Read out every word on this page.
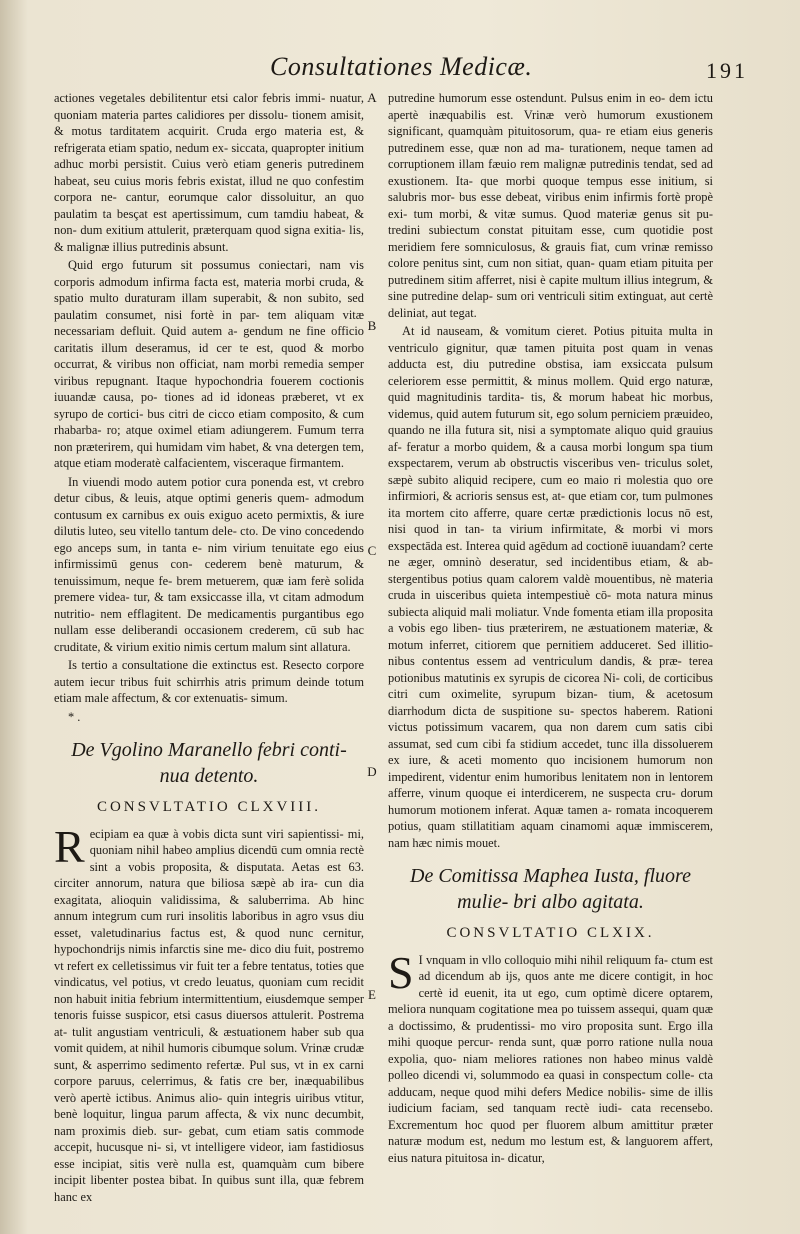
Consultationes Medicæ.	191
A
B
C
D
E

actiones vegetales debilitentur etsi calor febris immi- nuatur, quoniam materia partes calidiores per dissolu- tionem amisit, & motus tarditatem acquirit. Cruda ergo materia est, & refrigerata etiam spatio, nedum ex- siccata, quapropter initium adhuc morbi persistit. Cuius verò etiam generis putredinem habeat, seu cuius moris febris existat, illud ne quo confestim corpora ne- cantur, eorumque calor dissoluitur, an quo paulatim ta besçat est apertissimum, cum tamdiu habeat, & non- dum exitium attulerit, præterquam quod signa exitia- lis, & malignæ illius putredinis absunt.

Quid ergo futurum sit possumus coniectari, nam vis corporis admodum infirma facta est, materia morbi cruda, & spatio multo duraturam illam superabit, & non subito, sed paulatim consumet, nisi fortè in par- tem aliquam vitæ necessariam defluit. Quid autem a- gendum ne fine officio caritatis illum deseramus, id cer te est, quod & morbo occurrat, & viribus non officiat, nam morbi remedia semper viribus repugnant. Itaque hypochondria fouerem coctionis iuuandæ causa, po- tiones ad id idoneas præberet, vt ex syrupo de cortici- bus citri de cicco etiam composito, & cum rhabarba- ro; atque oximel etiam adiungerem. Fumum terra non præterirem, qui humidam vim habet, & vna detergen tem, atque etiam moderatè calfacientem, visceraque firmantem.

In viuendi modo autem potior cura ponenda est, vt crebro detur cibus, & leuis, atque optimi generis quem- admodum contusum ex carnibus ex ouis exiguo aceto permixtis, & iure dilutis luteo, seu vitello tantum dele- cto. De vino concedendo ego anceps sum, in tanta e- nim virium tenuitate ego eius infirmissimū genus con- cederem benè maturum, & tenuissimum, neque fe- brem metuerem, quæ iam ferè solida premere videa- tur, & tam exsiccasse illa, vt citam admodum nutritio- nem efflagitent. De medicamentis purgantibus ego nullam esse deliberandi occasionem crederem, cū sub hac cruditate, & virium exitio nimis certum malum sint allatura.

Is tertio a consultatione die extinctus est. Resecto corpore autem iecur tribus fuit schirrhis atris primum deinde totum etiam male affectum, & cor extenuatis- simum.

* .

De Vgolino Maranello febri conti- nua detento.
CONSVLTATIO CLXVIII.

Recipiam ea quæ à vobis dicta sunt viri sapientissi- mi, quoniam nihil habeo amplius dicendū cum omnia rectè sint a vobis proposita, & disputata. Aetas est 63. circiter annorum, natura que biliosa sæpè ab ira- cun dia exagitata, alioquin validissima, & saluberrima. Ab hinc annum integrum cum ruri insolitis laboribus in agro vsus diu esset, valetudinarius factus est, & quod nunc cernitur, hypochondrijs nimis infarctis sine me- dico diu fuit, postremo vt refert ex celletissimus vir fuit ter a febre tentatus, toties que vindicatus, vel potius, vt credo leuatus, quoniam cum recidit non habuit initia febrium intermittentium, eiusdemque semper tenoris fuisse suspicor, etsi casus diuersos attulerit. Postrema at- tulit angustiam ventriculi, & æstuationem haber sub qua vomit quidem, at nihil humoris cibumque solum. Vrinæ crudæ sunt, & asperrimo sedimento refertæ. Pul sus, vt in ex carni corpore paruus, celerrimus, & fatis cre ber, inæquabilibus verò apertè ictibus. Animus alio- quin integris uiribus vtitur, benè loquitur, lingua parum affecta, & vix nunc decumbit, nam proximis dieb. sur- gebat, cum etiam satis commode accepit, hucusque ni- si, vt intelligere videor, iam fastidiosus esse incipiat, sitis verè nulla est, quamquàm cum bibere incipit libenter postea bibat. In quibus sunt illa, quæ febrem hanc ex

putredine humorum esse ostendunt. Pulsus enim in eo- dem ictu apertè inæquabilis est. Vrinæ verò humorum exustionem significant, quamquàm pituitosorum, qua- re etiam eius generis putredinem esse, quæ non ad ma- turationem, neque tamen ad corruptionem illam fæuio rem malignæ putredinis tendat, sed ad exustionem. Ita- que morbi quoque tempus esse initium, si salubris mor- bus esse debeat, viribus enim infirmis fortè propè exi- tum morbi, & vitæ sumus. Quod materiæ genus sit pu- tredini subiectum constat pituitam esse, cum quotidie post meridiem fere somniculosus, & grauis fiat, cum vrinæ remisso colore penitus sint, cum non sitiat, quan- quam etiam pituita per putredinem sitim afferret, nisi è capite multum illius integrum, & sine putredine delap- sum ori ventriculi sitim extinguat, aut certè deliniat, aut tegat.

At id nauseam, & vomitum cieret. Potius pituita multa in ventriculo gignitur, quæ tamen pituita post quam in venas adducta est, diu putredine obstisa, iam exsiccata pulsum celeriorem esse permittit, & minus mollem. Quid ergo naturæ, quid magnitudinis tardita- tis, & morum habeat hic morbus, videmus, quid autem futurum sit, ego solum perniciem præuideo, quando ne illa futura sit, nisi a symptomate aliquo quid grauius af- feratur a morbo quidem, & a causa morbi longum spa tium exspectarem, verum ab obstructis visceribus ven- triculus solet, sæpè subito aliquid recipere, cum eo maio ri molestia quo ore infirmiori, & acrioris sensus est, at- que etiam cor, tum pulmones ita mortem cito afferre, quare certæ prædictionis locus nō est, nisi quod in tan- ta virium infirmitate, & morbi vi mors exspectāda est. Interea quid agēdum ad coctionē iuuandam? certe ne æger, omninò deseratur, sed incidentibus etiam, & ab- stergentibus potius quam calorem valdè mouentibus, nè materia cruda in uisceribus quieta intempestiuè cō- mota natura minus subiecta aliquid mali moliatur. Vnde fomenta etiam illa proposita a vobis ego liben- tius præterirem, ne æstuationem materiæ, & motum inferret, citiorem que pernitiem adduceret. Sed illitio- nibus contentus essem ad ventriculum dandis, & præ- terea potionibus matutinis ex syrupis de cicorea Ni- coli, de corticibus citri cum oximelite, syrupum bizan- tium, & acetosum diarrhodum dicta de suspitione su- spectos haberem. Rationi victus potissimum vacarem, qua non darem cum satis cibi assumat, sed cum cibi fa stidium accedet, tunc illa dissoluerem ex iure, & aceti momento quo incisionem humorum non impedirent, videntur enim humoribus lenitatem non in lentorem afferre, vinum quoque ei interdicerem, ne suspecta cru- dorum humorum motionem inferat. Aquæ tamen a- romata incoquerem potius, quam stillatitiam aquam cinamomi aquæ immiscerem, nam hæc nimis mouet.

De Comitissa Maphea Iusta, fluore mulie- bri albo agitata.
CONSVLTATIO CLXIX.

S I vnquam in vllo colloquio mihi nihil reliquum fa- ctum est ad dicendum ab ijs, quos ante me dicere contigit, in hoc certè id euenit, ita ut ego, cum optimè dicere optarem, meliora nunquam cogitatione mea po tuissem assequi, quam quæ a doctissimo, & prudentissi- mo viro proposita sunt. Ergo illa mihi quoque percur- renda sunt, quæ porro ratione nulla noua expolia, quo- niam meliores rationes non habeo minus valdè polleo dicendi vi, solummodo ea quasi in conspectum colle- cta adducam, neque quod mihi defers Medice nobilis- sime de illis iudicium faciam, sed tanquam rectè iudi- cata recensebo. Excrementum hoc quod per fluorem album amittitur præter naturæ modum est, nedum mo lestum est, & languorem affert, eius natura pituitosa in- dicatur,
